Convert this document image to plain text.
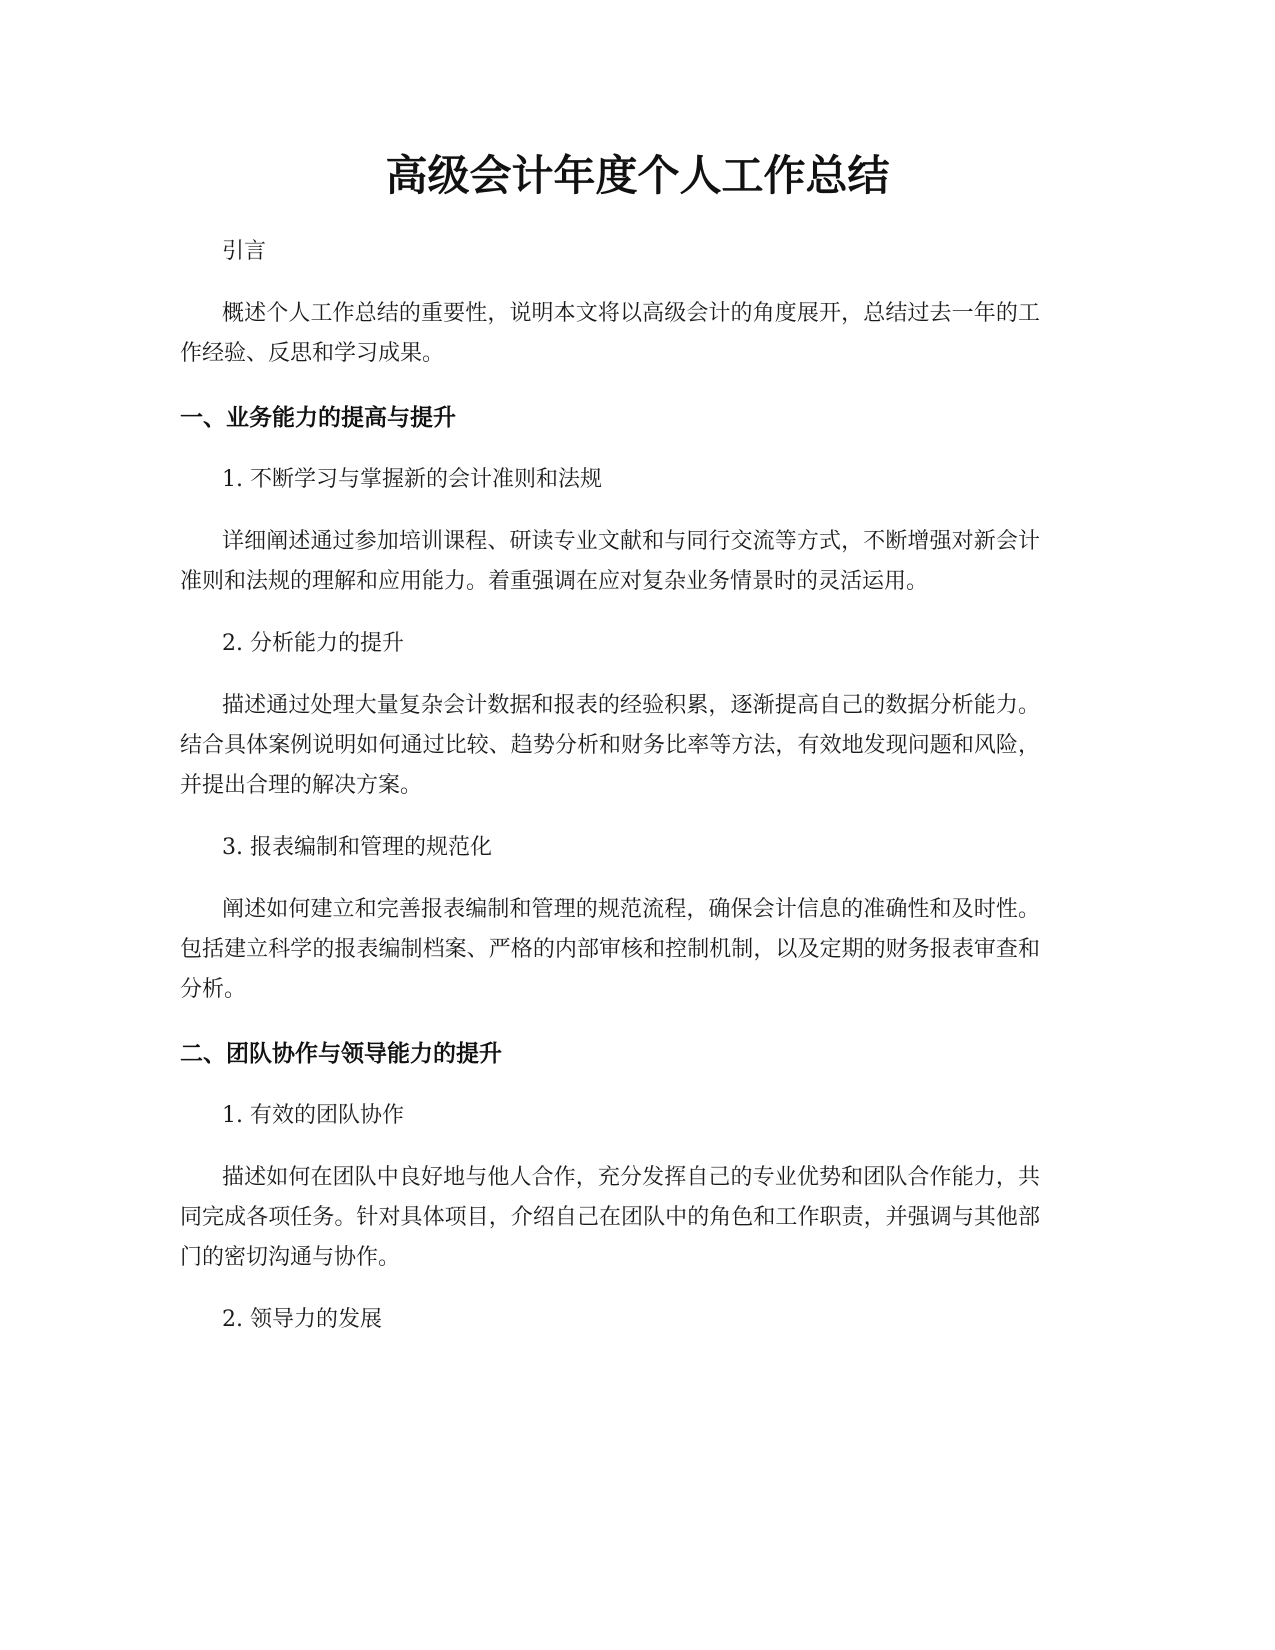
高级会计年度个人工作总结

引言

概述个人工作总结的重要性，说明本文将以高级会计的角度展开，总结过去一年的工作经验、反思和学习成果。

一、业务能力的提高与提升

1. 不断学习与掌握新的会计准则和法规

详细阐述通过参加培训课程、研读专业文献和与同行交流等方式，不断增强对新会计准则和法规的理解和应用能力。着重强调在应对复杂业务情景时的灵活运用。

2. 分析能力的提升

描述通过处理大量复杂会计数据和报表的经验积累，逐渐提高自己的数据分析能力。结合具体案例说明如何通过比较、趋势分析和财务比率等方法，有效地发现问题和风险，并提出合理的解决方案。

3. 报表编制和管理的规范化

阐述如何建立和完善报表编制和管理的规范流程，确保会计信息的准确性和及时性。包括建立科学的报表编制档案、严格的内部审核和控制机制，以及定期的财务报表审查和分析。

二、团队协作与领导能力的提升

1. 有效的团队协作

描述如何在团队中良好地与他人合作，充分发挥自己的专业优势和团队合作能力，共同完成各项任务。针对具体项目，介绍自己在团队中的角色和工作职责，并强调与其他部门的密切沟通与协作。

2. 领导力的发展
